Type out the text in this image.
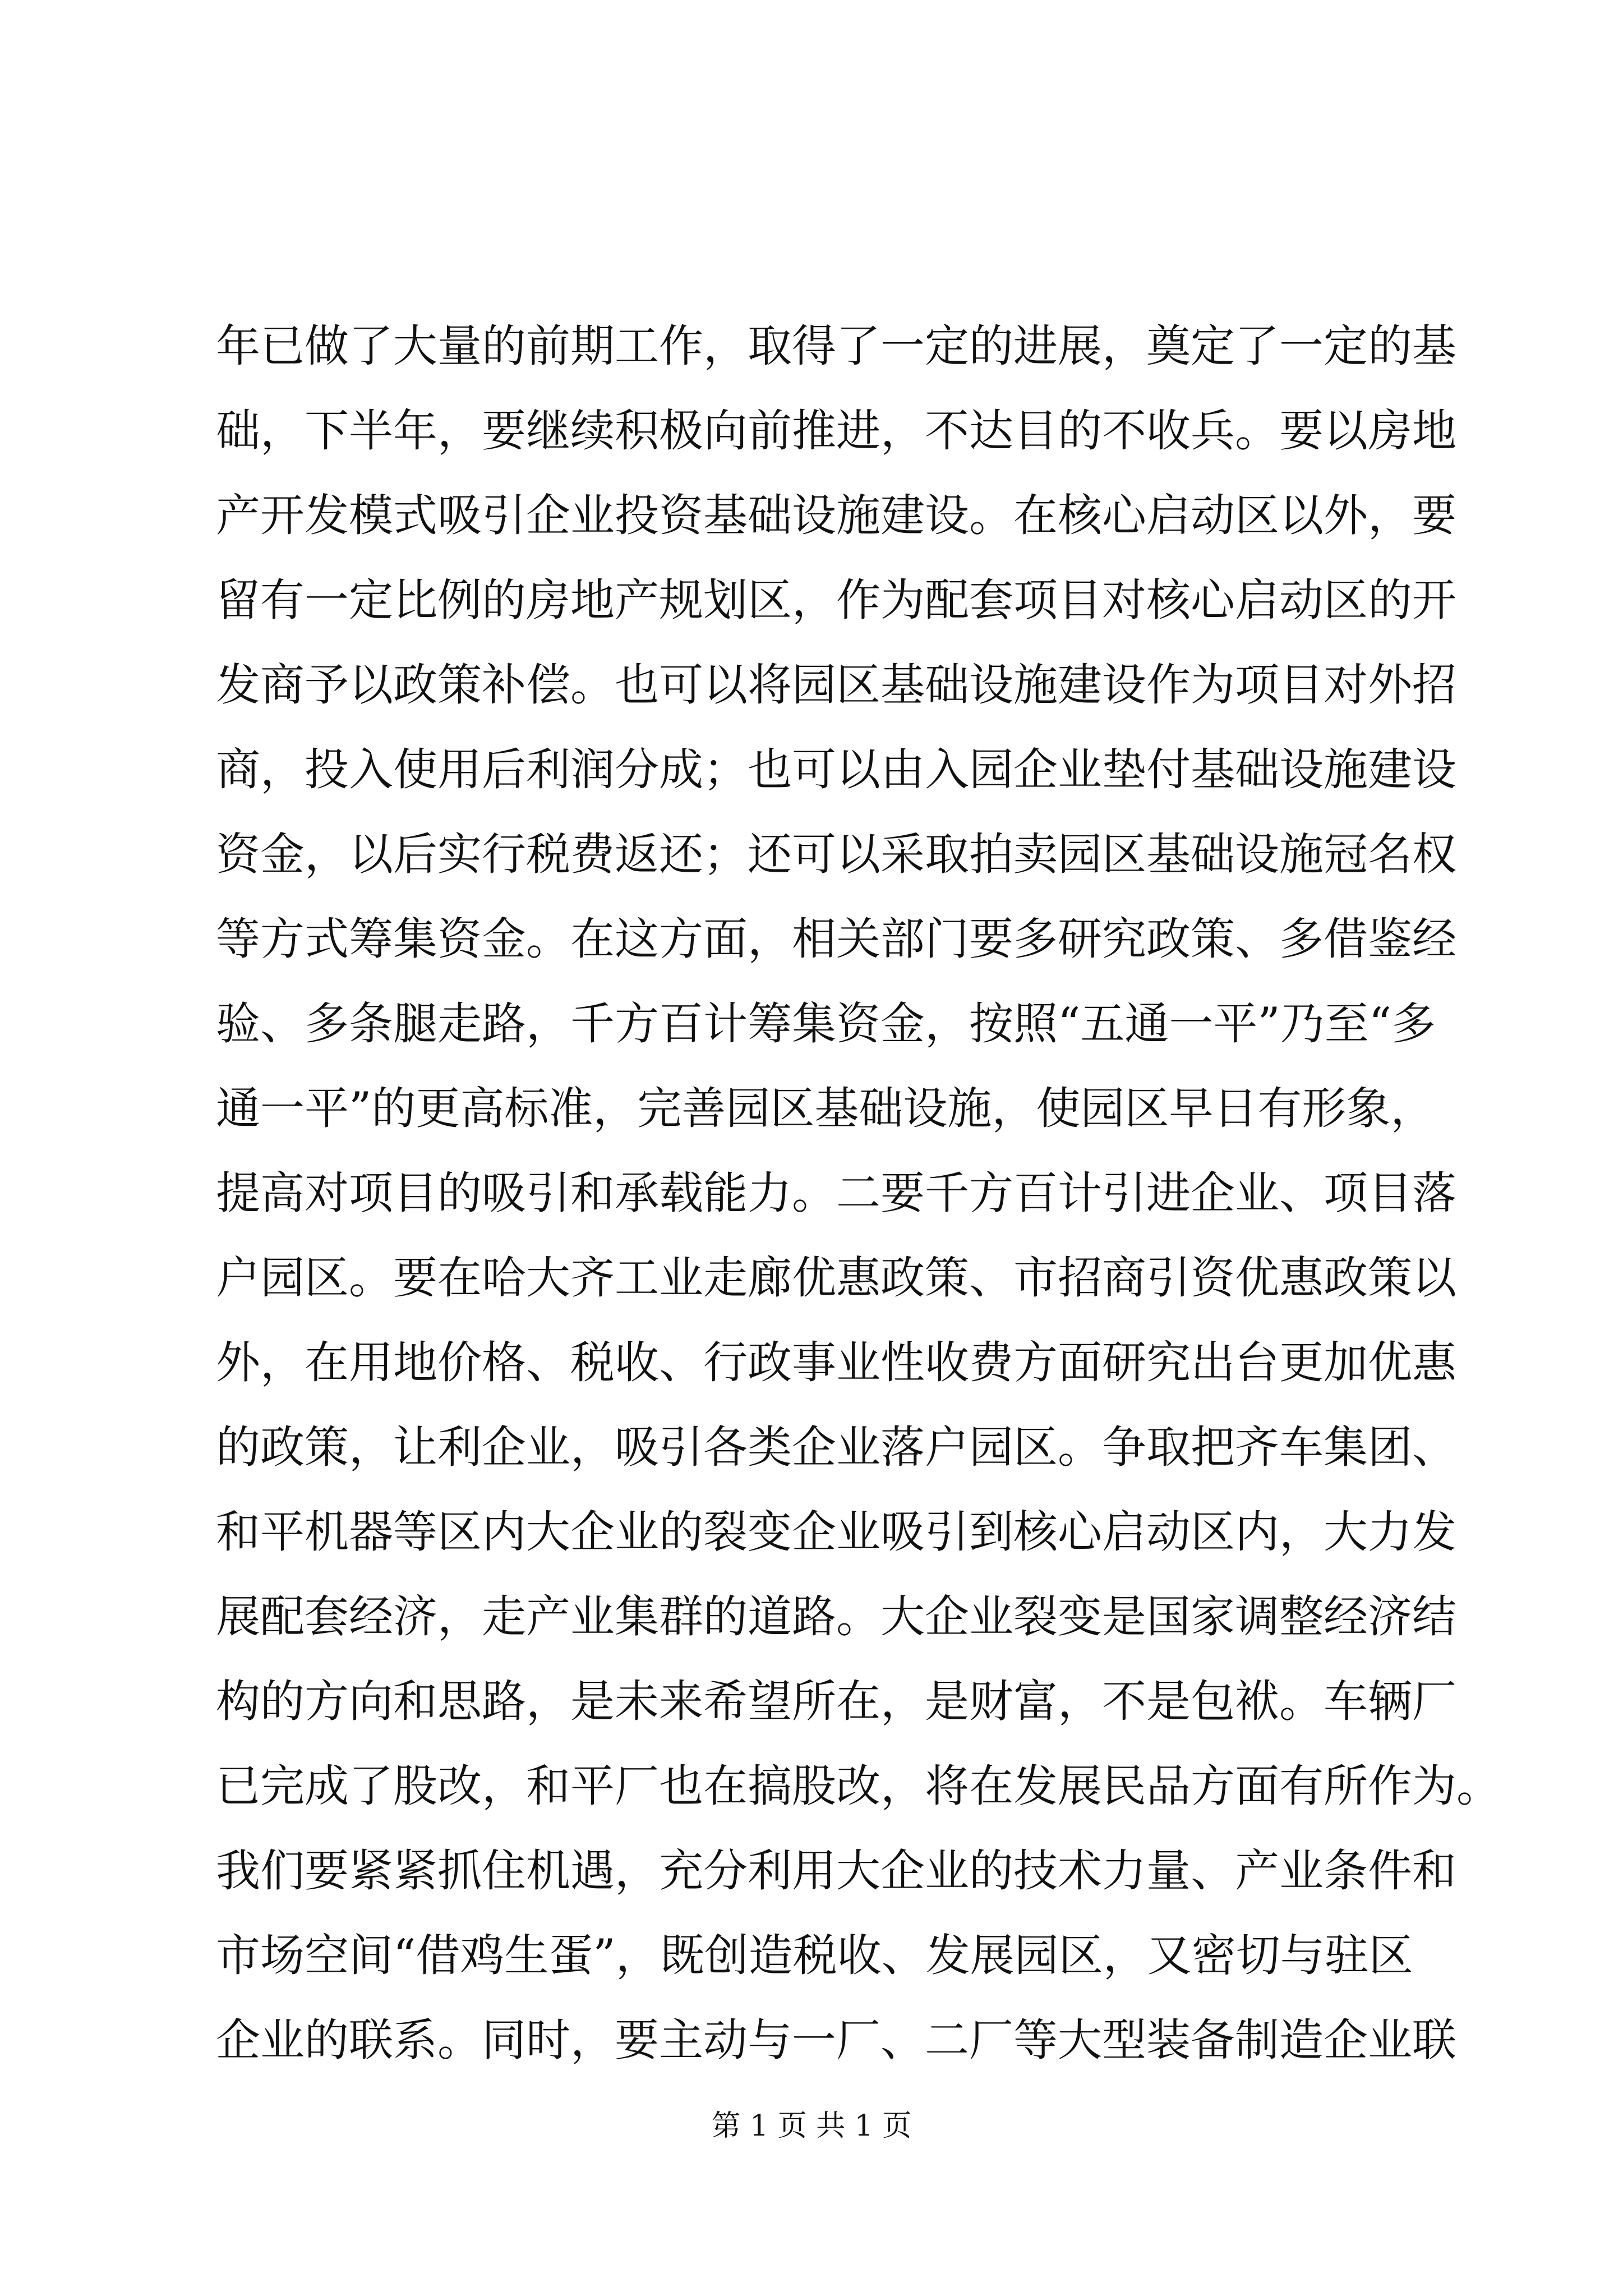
年已做了大量的前期工作，取得了一定的进展，奠定了一定的基
础，下半年，要继续积极向前推进，不达目的不收兵。要以房地
产开发模式吸引企业投资基础设施建设。在核心启动区以外，要
留有一定比例的房地产规划区，作为配套项目对核心启动区的开
发商予以政策补偿。也可以将园区基础设施建设作为项目对外招
商，投入使用后利润分成；也可以由入园企业垫付基础设施建设
资金，以后实行税费返还；还可以采取拍卖园区基础设施冠名权
等方式筹集资金。在这方面，相关部门要多研究政策、多借鉴经
验、多条腿走路，千方百计筹集资金，按照“五通一平”乃至“多
通一平”的更高标准，完善园区基础设施，使园区早日有形象，
提高对项目的吸引和承载能力。二要千方百计引进企业、项目落
户园区。要在哈大齐工业走廊优惠政策、市招商引资优惠政策以
外，在用地价格、税收、行政事业性收费方面研究出台更加优惠
的政策，让利企业，吸引各类企业落户园区。争取把齐车集团、
和平机器等区内大企业的裂变企业吸引到核心启动区内，大力发
展配套经济，走产业集群的道路。大企业裂变是国家调整经济结
构的方向和思路，是未来希望所在，是财富，不是包袱。车辆厂
已完成了股改，和平厂也在搞股改，将在发展民品方面有所作为。
我们要紧紧抓住机遇，充分利用大企业的技术力量、产业条件和
市场空间“借鸡生蛋”，既创造税收、发展园区，又密切与驻区
企业的联系。同时，要主动与一厂、二厂等大型装备制造企业联
第 1 页 共 1 页
